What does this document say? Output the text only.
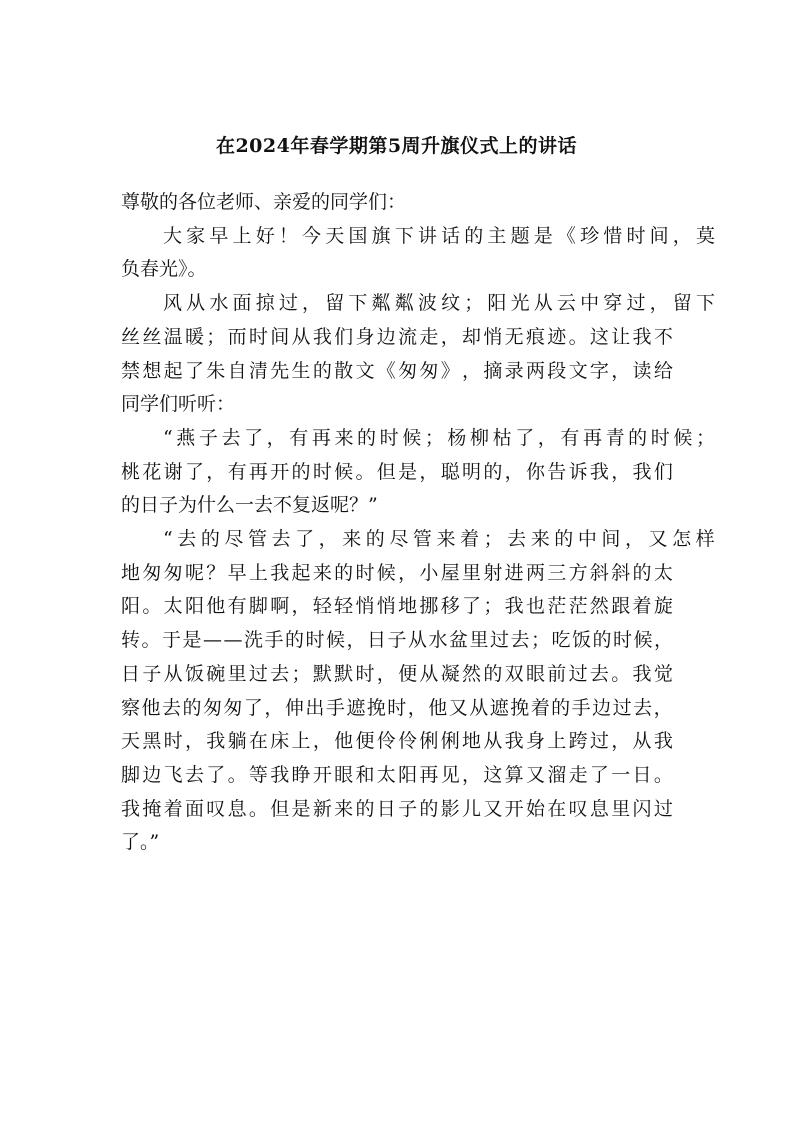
在2024年春学期第5周升旗仪式上的讲话

尊敬的各位老师、亲爱的同学们：

大 家 早 上 好 ！ 今 天 国 旗 下 讲 话 的 主 题 是 《 珍 惜 时 间 ， 莫
负春光》。

风 从 水 面 掠 过 ， 留 下 粼 粼 波 纹 ； 阳 光 从 云 中 穿 过 ， 留 下
丝 丝 温 暖 ； 而 时 间 从 我 们 身 边 流 走 ， 却 悄 无 痕 迹 。 这 让 我 不
禁 想 起 了 朱 自 清 先 生 的 散 文 《 匆 匆 》 ， 摘 录 两 段 文 字 ， 读 给
同学们听听：

“ 燕 子 去 了 ， 有 再 来 的 时 候 ； 杨 柳 枯 了 ， 有 再 青 的 时 候 ；
桃 花 谢 了 ， 有 再 开 的 时 候 。 但 是 ， 聪 明 的 ， 你 告 诉 我 ， 我 们
的日子为什么一去不复返呢？”

“ 去 的 尽 管 去 了 ， 来 的 尽 管 来 着 ； 去 来 的 中 间 ， 又 怎 样
地 匆 匆 呢 ？ 早 上 我 起 来 的 时 候 ， 小 屋 里 射 进 两 三 方 斜 斜 的 太
阳 。 太 阳 他 有 脚 啊 ， 轻 轻 悄 悄 地 挪 移 了 ； 我 也 茫 茫 然 跟 着 旋
转 。 于 是 — — 洗 手 的 时 候 ， 日 子 从 水 盆 里 过 去 ； 吃 饭 的 时 候 ，
日 子 从 饭 碗 里 过 去 ； 默 默 时 ， 便 从 凝 然 的 双 眼 前 过 去 。 我 觉
察 他 去 的 匆 匆 了 ， 伸 出 手 遮 挽 时 ， 他 又 从 遮 挽 着 的 手 边 过 去 ，
天 黑 时 ， 我 躺 在 床 上 ， 他 便 伶 伶 俐 俐 地 从 我 身 上 跨 过 ， 从 我
脚 边 飞 去 了 。 等 我 睁 开 眼 和 太 阳 再 见 ， 这 算 又 溜 走 了 一 日 。
我 掩 着 面 叹 息 。 但 是 新 来 的 日 子 的 影 儿 又 开 始 在 叹 息 里 闪 过
了。”
